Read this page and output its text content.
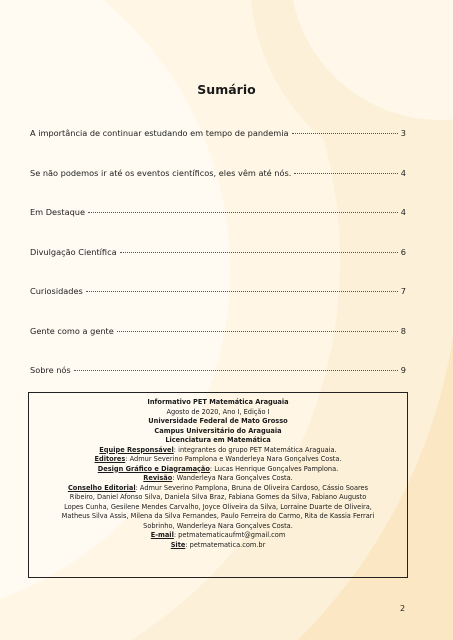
Sumário
A importância de continuar estudando em tempo de pandemia	3
Se não podemos ir até os eventos científicos, eles vêm até nós.	4
Em Destaque	4
Divulgação Científica	6
Curiosidades	7
Gente como a gente	8
Sobre nós	9
Informativo PET Matemática Araguaia
Agosto de 2020, Ano I, Edição I
Universidade Federal de Mato Grosso
Campus Universitário do Araguaia
Licenciatura em Matemática
Equipe Responsável: integrantes do grupo PET Matemática Araguaia.
Editores: Admur Severino Pamplona e Wanderleya Nara Gonçalves Costa.
Design Gráfico e Diagramação: Lucas Henrique Gonçalves Pamplona.
Revisão: Wanderleya Nara Gonçalves Costa.
Conselho Editorial: Admur Severino Pamplona, Bruna de Oliveira Cardoso, Cássio Soares
Ribeiro, Daniel Afonso Silva, Daniela Silva Braz, Fabiana Gomes da Silva, Fabiano Augusto
Lopes Cunha, Gesilene Mendes Carvalho, Joyce Oliveira da Silva, Lorraine Duarte de Oliveira,
Matheus Silva Assis, Milena da Silva Fernandes, Paulo Ferreira do Carmo, Rita de Kassia Ferrari
Sobrinho, Wanderleya Nara Gonçalves Costa.
E-mail: petmatematicaufmt@gmail.com
Site: petmatematica.com.br
2
